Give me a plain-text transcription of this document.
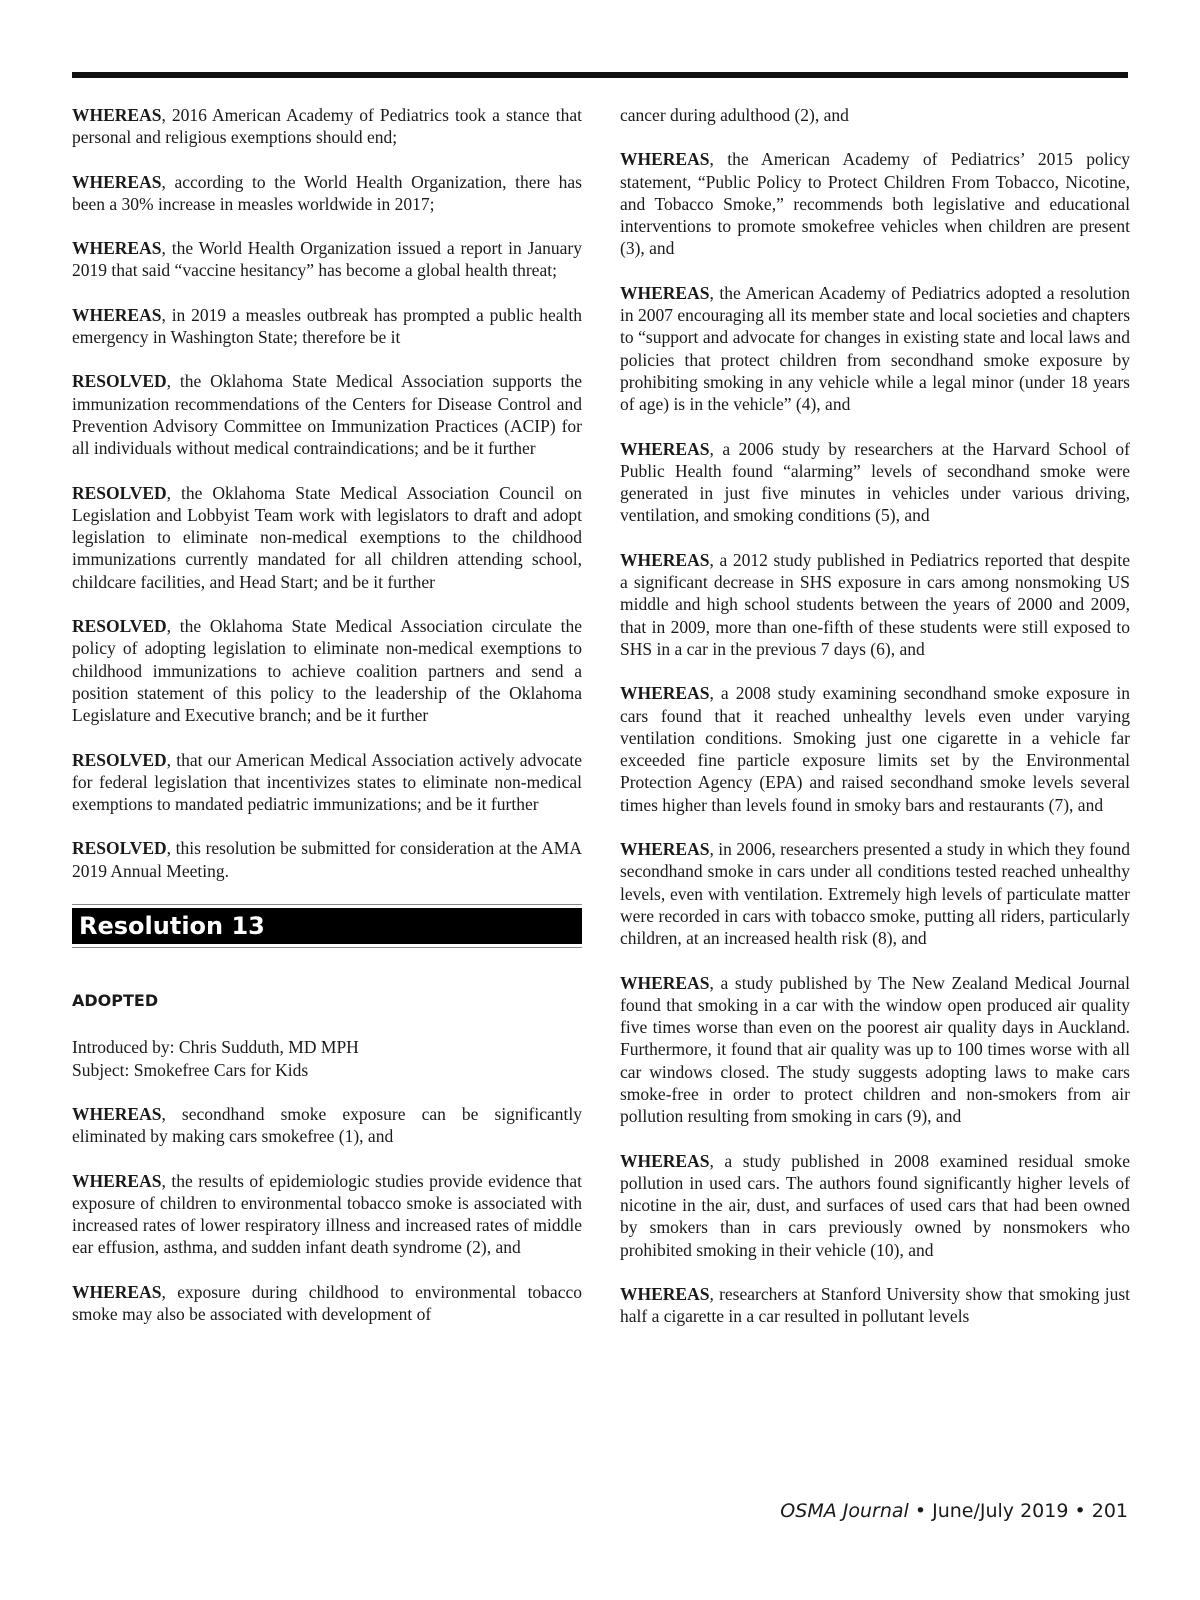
WHEREAS, 2016 American Academy of Pediatrics took a stance that personal and religious exemptions should end;

WHEREAS, according to the World Health Organization, there has been a 30% increase in measles worldwide in 2017;

WHEREAS, the World Health Organization issued a report in January 2019 that said “vaccine hesitancy” has become a global health threat;

WHEREAS, in 2019 a measles outbreak has prompted a public health emergency in Washington State; therefore be it

RESOLVED, the Oklahoma State Medical Association supports the immunization recommendations of the Centers for Disease Control and Prevention Advisory Committee on Immunization Practices (ACIP) for all individuals without medical contraindications; and be it further

RESOLVED, the Oklahoma State Medical Association Council on Legislation and Lobbyist Team work with legislators to draft and adopt legislation to eliminate non-medical exemptions to the childhood immunizations currently mandated for all children attending school, childcare facilities, and Head Start; and be it further

RESOLVED, the Oklahoma State Medical Association circulate the policy of adopting legislation to eliminate non-medical exemptions to childhood immunizations to achieve coalition partners and send a position statement of this policy to the leadership of the Oklahoma Legislature and Executive branch; and be it further

RESOLVED, that our American Medical Association actively advocate for federal legislation that incentivizes states to eliminate non-medical exemptions to mandated pediatric immunizations; and be it further

RESOLVED, this resolution be submitted for consideration at the AMA 2019 Annual Meeting.

Resolution 13
ADOPTED
Introduced by: Chris Sudduth, MD MPH
Subject: Smokefree Cars for Kids

WHEREAS, secondhand smoke exposure can be significantly eliminated by making cars smokefree (1), and

WHEREAS, the results of epidemiologic studies provide evidence that exposure of children to environmental tobacco smoke is associated with increased rates of lower respiratory illness and increased rates of middle ear effusion, asthma, and sudden infant death syndrome (2), and

WHEREAS, exposure during childhood to environmental tobacco smoke may also be associated with development of

cancer during adulthood (2), and

WHEREAS, the American Academy of Pediatrics’ 2015 policy statement, “Public Policy to Protect Children From Tobacco, Nicotine, and Tobacco Smoke,” recommends both legislative and educational interventions to promote smokefree vehicles when children are present (3), and

WHEREAS, the American Academy of Pediatrics adopted a resolution in 2007 encouraging all its member state and local societies and chapters to “support and advocate for changes in existing state and local laws and policies that protect children from secondhand smoke exposure by prohibiting smoking in any vehicle while a legal minor (under 18 years of age) is in the vehicle” (4), and

WHEREAS, a 2006 study by researchers at the Harvard School of Public Health found “alarming” levels of secondhand smoke were generated in just five minutes in vehicles under various driving, ventilation, and smoking conditions (5), and

WHEREAS, a 2012 study published in Pediatrics reported that despite a significant decrease in SHS exposure in cars among nonsmoking US middle and high school students between the years of 2000 and 2009, that in 2009, more than one-fifth of these students were still exposed to SHS in a car in the previous 7 days (6), and

WHEREAS, a 2008 study examining secondhand smoke exposure in cars found that it reached unhealthy levels even under varying ventilation conditions. Smoking just one cigarette in a vehicle far exceeded fine particle exposure limits set by the Environmental Protection Agency (EPA) and raised secondhand smoke levels several times higher than levels found in smoky bars and restaurants (7), and

WHEREAS, in 2006, researchers presented a study in which they found secondhand smoke in cars under all conditions tested reached unhealthy levels, even with ventilation. Extremely high levels of particulate matter were recorded in cars with tobacco smoke, putting all riders, particularly children, at an increased health risk (8), and

WHEREAS, a study published by The New Zealand Medical Journal found that smoking in a car with the window open produced air quality five times worse than even on the poorest air quality days in Auckland. Furthermore, it found that air quality was up to 100 times worse with all car windows closed. The study suggests adopting laws to make cars smoke-free in order to protect children and non-smokers from air pollution resulting from smoking in cars (9), and

WHEREAS, a study published in 2008 examined residual smoke pollution in used cars. The authors found significantly higher levels of nicotine in the air, dust, and surfaces of used cars that had been owned by smokers than in cars previously owned by nonsmokers who prohibited smoking in their vehicle (10), and

WHEREAS, researchers at Stanford University show that smoking just half a cigarette in a car resulted in pollutant levels

OSMA Journal • June/July 2019 • 201
